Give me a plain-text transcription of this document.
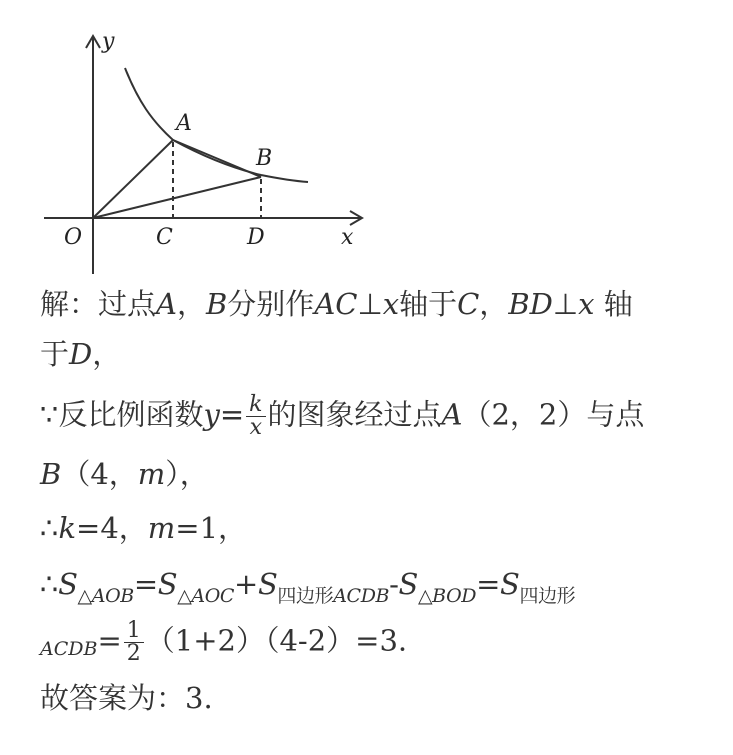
y
A
B
O	C	D	x
解：过点A，B分别作AC⊥x轴于C，BD⊥x 轴
于D，
∵反比例函数$y= \frac{k}{x}$ 的图象经过点A（2，2）与点
B（4，m），
∴k=4，m=1，
$\therefore S_{\triangle AOB}=S_{\triangle AOC}+S_{四边形ACDB}-S_{\triangle BOD}=S_{四边形}$
ACDB= $\frac{1}{2} (1+2)(4-2)=3$.
故答案为：3.
